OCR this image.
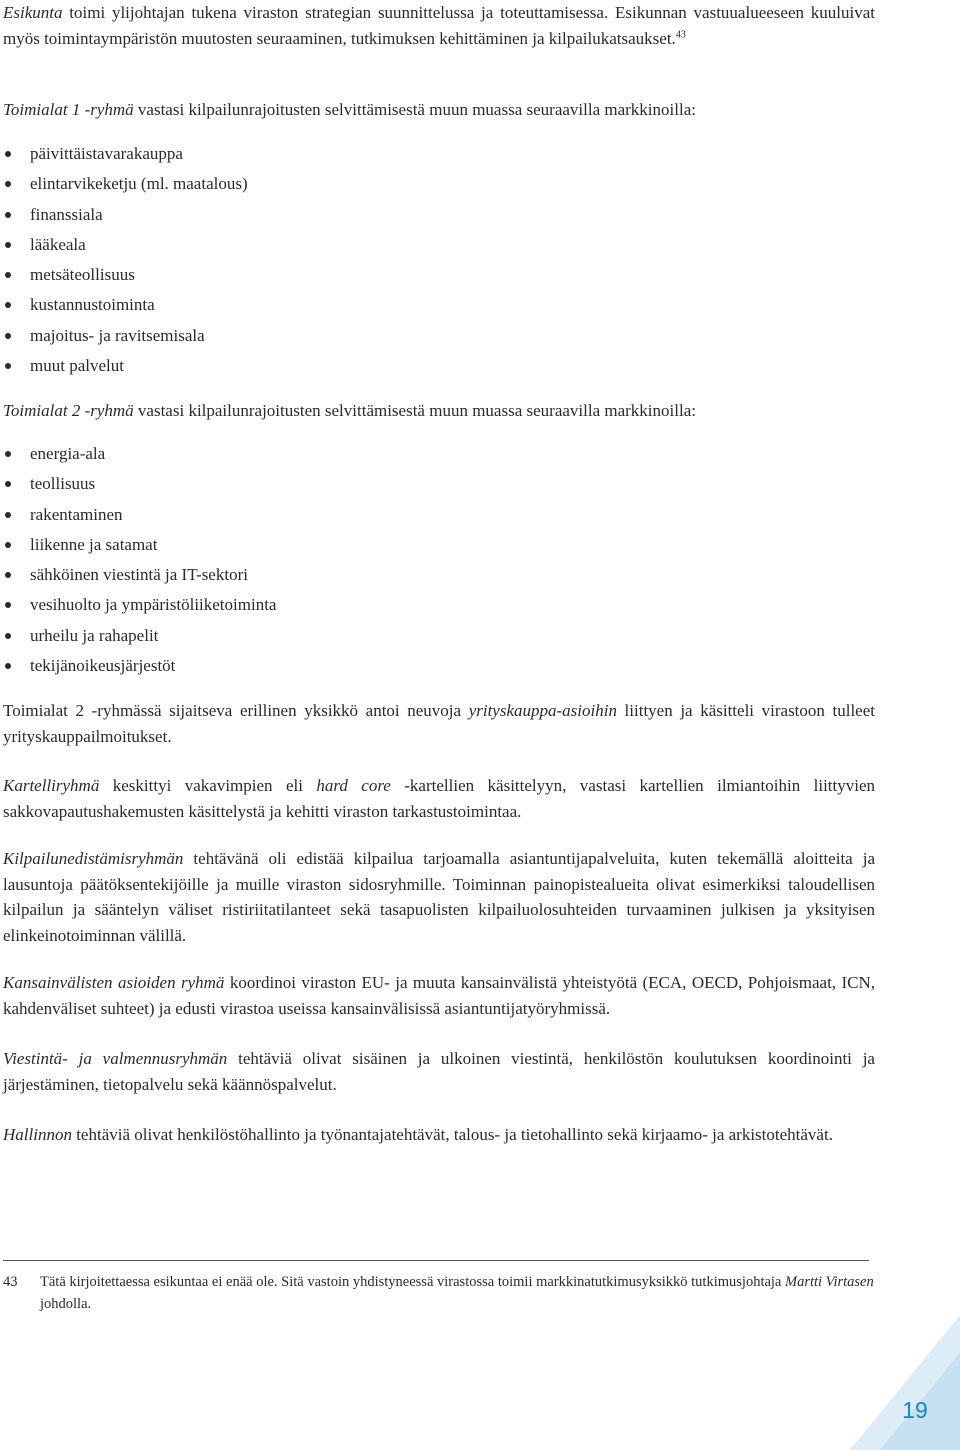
Esikunta toimi ylijohtajan tukena viraston strategian suunnittelussa ja toteuttamisessa. Esikunnan vastuualueeseen kuuluivat myös toimintaympäristön muutosten seuraaminen, tutkimuksen kehittäminen ja kilpailukatsaukset.$^{43}$

Toimialat 1 -ryhmä vastasi kilpailunrajoitusten selvittämisestä muun muassa seuraavilla markkinoilla:

päivittäistavarakauppa
elintarvikeketju (ml. maatalous)
finanssiala
lääkeala
metsäteollisuus
kustannustoiminta
majoitus- ja ravitsemisala
muut palvelut

Toimialat 2 -ryhmä vastasi kilpailunrajoitusten selvittämisestä muun muassa seuraavilla markkinoilla:

energia-ala
teollisuus
rakentaminen
liikenne ja satamat
sähköinen viestintä ja IT-sektori
vesihuolto ja ympäristöliiketoiminta
urheilu ja rahapelit
tekijänoikeusjärjestöt

Toimialat 2 -ryhmässä sijaitseva erillinen yksikkö antoi neuvoja yrityskauppa-asioihin liittyen ja käsitteli virastoon tulleet yrityskauppailmoitukset.

Kartelliryhmä keskittyi vakavimpien eli hard core -kartellien käsittelyyn, vastasi kartellien ilmiantoihin liittyvien sakkovapautushakemusten käsittelystä ja kehitti viraston tarkastustoimintaa.

Kilpailunedistämisryhmän tehtävänä oli edistää kilpailua tarjoamalla asiantuntijapalveluita, kuten tekemällä aloitteita ja lausuntoja päätöksentekijöille ja muille viraston sidosryhmille. Toiminnan painopistealueita olivat esimerkiksi taloudellisen kilpailun ja sääntelyn väliset ristiriitatilanteet sekä tasapuolisten kilpailuolosuhteiden turvaaminen julkisen ja yksityisen elinkeinotoiminnan välillä.

Kansainvälisten asioiden ryhmä koordinoi viraston EU- ja muuta kansainvälistä yhteistyötä (ECA, OECD, Pohjoismaat, ICN, kahdenväliset suhteet) ja edusti virastoa useissa kansainvälisissä asiantuntijatyöryhmissä.

Viestintä- ja valmennusryhmän tehtäviä olivat sisäinen ja ulkoinen viestintä, henkilöstön koulutuksen koordinointi ja järjestäminen, tietopalvelu sekä käännöspalvelut.

Hallinnon tehtäviä olivat henkilöstöhallinto ja työnantajatehtävät, talous- ja tietohallinto sekä kirjaamo- ja arkistotehtävät.

43 Tätä kirjoitettaessa esikuntaa ei enää ole. Sitä vastoin yhdistyneessä virastossa toimii markkinatutkimusyksikkö tutkimusjohtaja Martti Virtasen johdolla.
19
